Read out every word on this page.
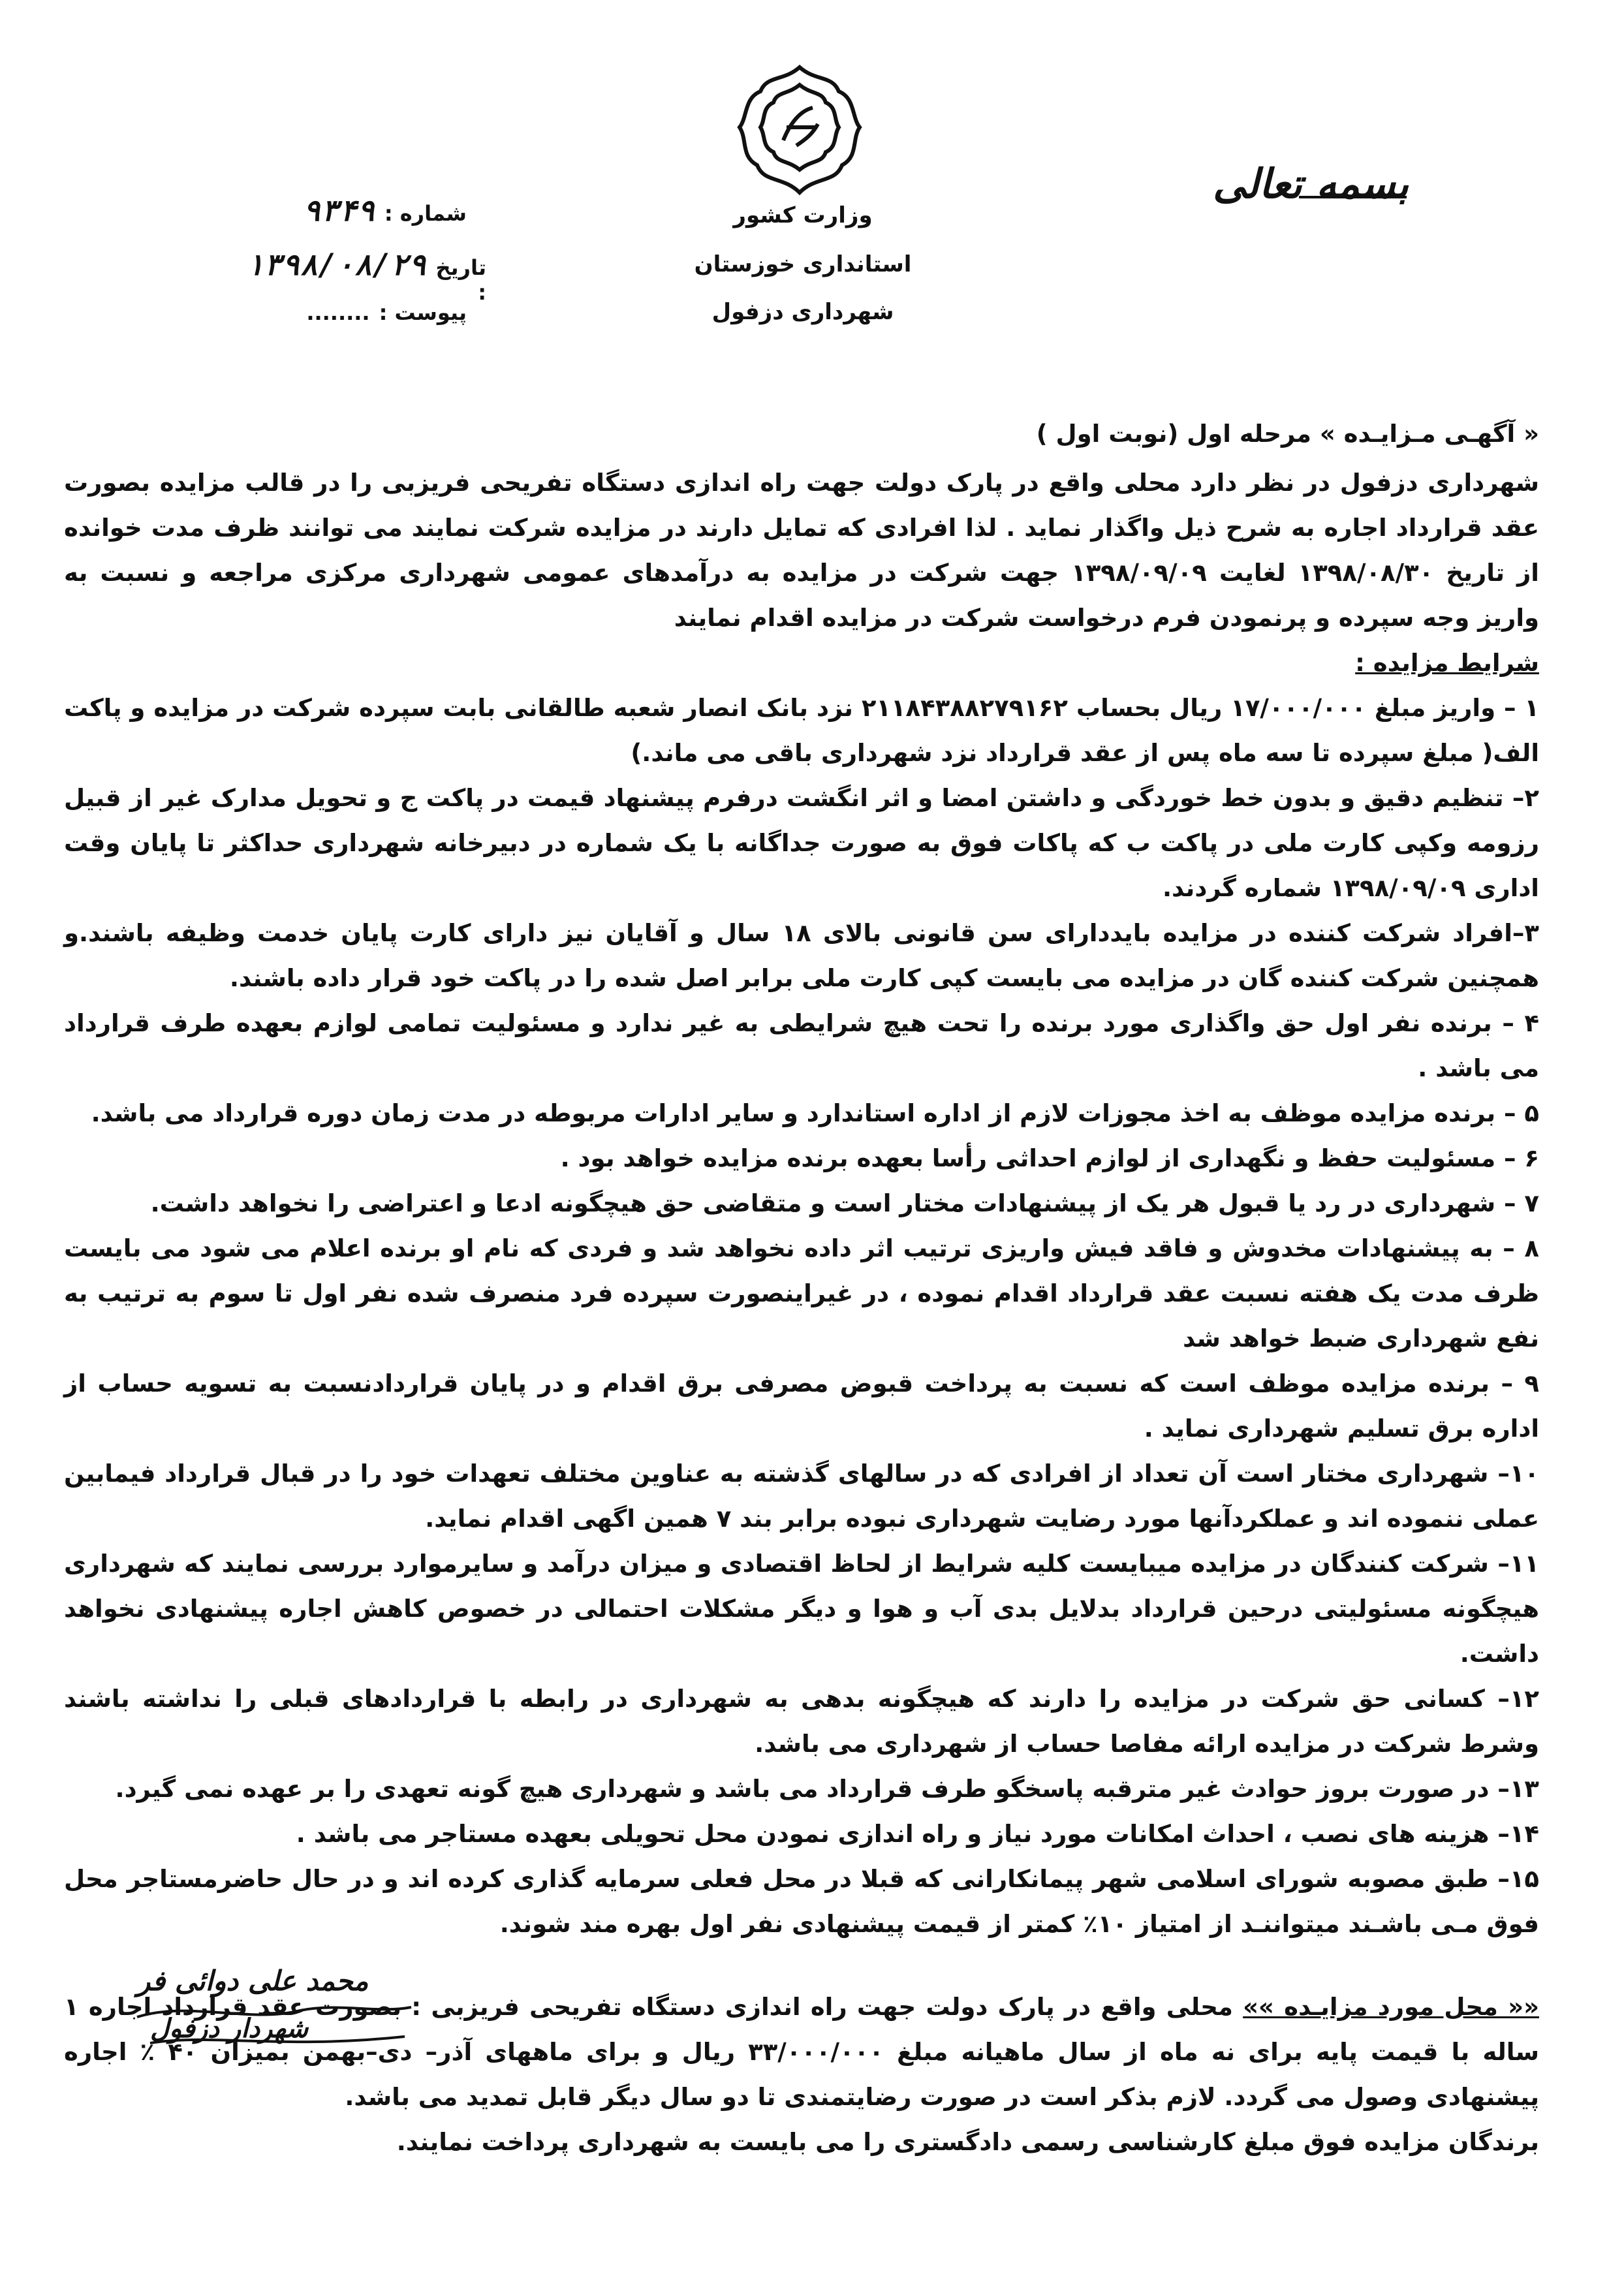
وزارت کشور
استانداری خوزستان
شهرداری دزفول
بسمه تعالی
شماره :
۹۳۴۹
تاریخ :
۱۳۹۸/۰۸/۲۹
پیوست :
........

« آگهـی مـزایـده » مرحله اول (نوبت اول )

شهرداری دزفول در نظر دارد محلی واقع در پارک دولت جهت راه اندازی دستگاه تفریحی فریزبی را در قالب مزایده بصورت عقد قرارداد اجاره به شرح ذیل واگذار نماید . لذا افرادی که تمایل دارند در مزایده شرکت نمایند می توانند ظرف مدت خوانده از تاریخ ۱۳۹۸/۰۸/۳۰ لغایت ۱۳۹۸/۰۹/۰۹ جهت شرکت در مزایده به درآمدهای عمومی شهرداری مرکزی مراجعه و نسبت به واریز وجه سپرده و پرنمودن فرم درخواست شرکت در مزایده اقدام نمایند

شرایط مزایده :

۱ – واریز مبلغ ۱۷/۰۰۰/۰۰۰ ریال بحساب ۲۱۱۸۴۳۸۸۲۷۹۱۶۲ نزد بانک انصار شعبه طالقانی بابت سپرده شرکت در مزایده و پاکت الف( مبلغ سپرده تا سه ماه پس از عقد قرارداد نزد شهرداری باقی می ماند.)

۲– تنظیم دقیق و بدون خط خوردگی و داشتن امضا و اثر انگشت درفرم پیشنهاد قیمت در پاکت ج و تحویل مدارک غیر از قبیل رزومه وکپی کارت ملی در پاکت ب که پاکات فوق به صورت جداگانه با یک شماره در دبیرخانه شهرداری حداکثر تا پایان وقت اداری ۱۳۹۸/۰۹/۰۹ شماره گردند.

۳–افراد شرکت کننده در مزایده بایددارای سن قانونی بالای ۱۸ سال و آقایان نیز دارای کارت پایان خدمت وظیفه باشند.و همچنین شرکت کننده گان در مزایده می بایست کپی کارت ملی برابر اصل شده را در پاکت خود قرار داده باشند.

۴ – برنده نفر اول حق واگذاری مورد برنده را تحت هیچ شرایطی به غیر ندارد و مسئولیت تمامی لوازم بعهده طرف قرارداد می باشد .

۵ – برنده مزایده موظف به اخذ مجوزات لازم از اداره استاندارد و سایر ادارات مربوطه در مدت زمان دوره قرارداد می باشد.

۶ – مسئولیت حفظ و نگهداری از لوازم احداثی رأسا بعهده برنده مزایده خواهد بود .

۷ – شهرداری در رد یا قبول هر یک از پیشنهادات مختار است و متقاضی حق هیچگونه ادعا و اعتراضی را نخواهد داشت.

۸ – به پیشنهادات مخدوش و فاقد فیش واریزی ترتیب اثر داده نخواهد شد و فردی که نام او برنده اعلام می شود می بایست ظرف مدت یک هفته نسبت عقد قرارداد اقدام نموده ، در غیراینصورت سپرده فرد منصرف شده نفر اول تا سوم به ترتیب به نفع شهرداری ضبط خواهد شد

۹ – برنده مزایده موظف است که نسبت به پرداخت قبوض مصرفی برق اقدام و در پایان قراردادنسبت به تسویه حساب از اداره برق تسلیم شهرداری نماید .

۱۰– شهرداری مختار است آن تعداد از افرادی که در سالهای گذشته به عناوین مختلف تعهدات خود را در قبال قرارداد فیمابین عملی ننموده اند و عملکردآنها مورد رضایت شهرداری نبوده برابر بند ۷ همین اگهی اقدام نماید.

۱۱– شرکت کنندگان در مزایده میبایست کلیه شرایط از لحاظ اقتصادی و میزان درآمد و سایرموارد بررسی نمایند که شهرداری هیچگونه مسئولیتی درحین قرارداد بدلایل بدی آب و هوا و دیگر مشکلات احتمالی در خصوص کاهش اجاره پیشنهادی نخواهد داشت.

۱۲– کسانی حق شرکت در مزایده را دارند که هیچگونه بدهی به شهرداری در رابطه با قراردادهای قبلی را نداشته باشند وشرط شرکت در مزایده ارائه مفاصا حساب از شهرداری می باشد.

۱۳– در صورت بروز حوادث غیر مترقبه پاسخگو طرف قرارداد می باشد و شهرداری هیچ گونه تعهدی را بر عهده نمی گیرد.

۱۴– هزینه های نصب ، احداث امکانات مورد نیاز و راه اندازی نمودن محل تحویلی بعهده مستاجر می باشد .

۱۵– طبق مصوبه شورای اسلامی شهر پیمانکارانی که قبلا در محل فعلی سرمایه گذاری کرده اند و در حال حاضرمستاجر محل فوق مـی باشـند میتواننـد از امتیاز ۱۰٪ کمتر از قیمت پیشنهادی نفر اول بهره مند شوند.

«« محل مورد مزایـده »» محلی واقع در پارک دولت جهت راه اندازی دستگاه تفریحی فریزبی : بصورت عقد قرارداد اجاره ۱ ساله با قیمت پایه برای نه ماه از سال ماهیانه مبلغ ۳۳/۰۰۰/۰۰۰ ریال و برای ماههای آذر– دی–بهمن بمیزان ۴۰ ٪ اجاره پیشنهادی وصول می گردد. لازم بذکر است در صورت رضایتمندی تا دو سال دیگر قابل تمدید می باشد.

برندگان مزایده فوق مبلغ کارشناسی رسمی دادگستری را می بایست به شهرداری پرداخت نمایند.

محمد علی دوائی فر
شهردار دزفول
